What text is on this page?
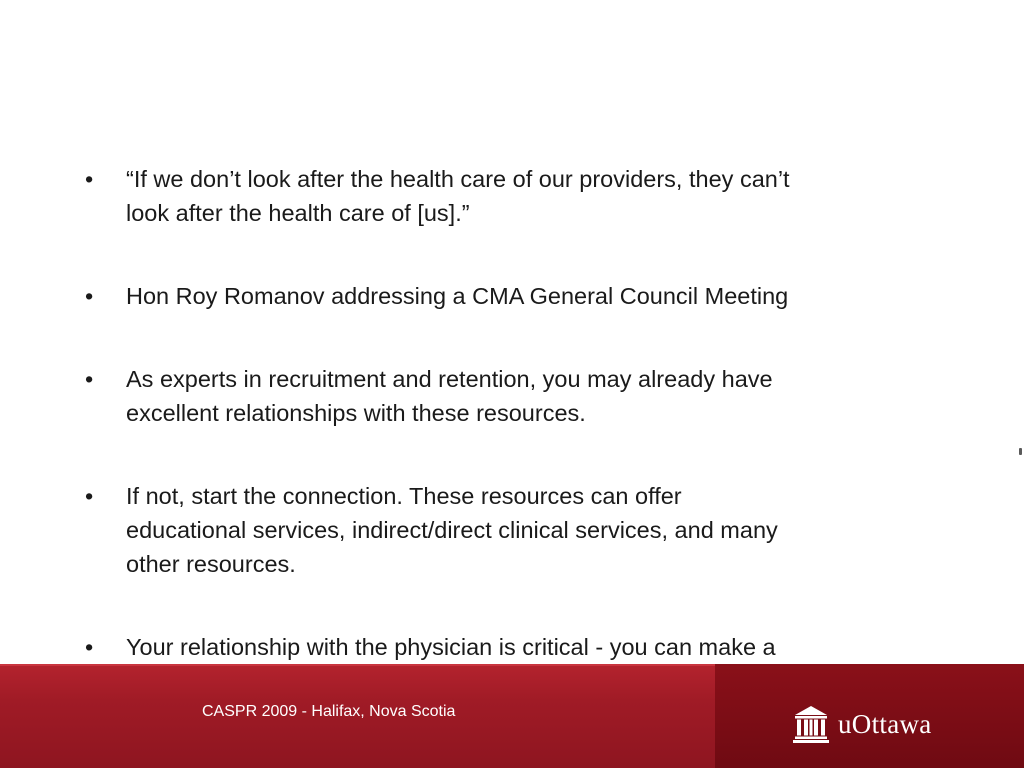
•	“If we don’t look after the health care of our providers, they can’t
look after the health care of [us].”
•	Hon Roy Romanov addressing a CMA General Council Meeting
•	As experts in recruitment and retention, you may already have
excellent relationships with these resources.
•	If not, start the connection. These resources can offer
educational services, indirect/direct clinical services, and many
other resources.
•	Your relationship with the physician is critical - you can make a

CASPR 2009 - Halifax, Nova Scotia	uOttawa
